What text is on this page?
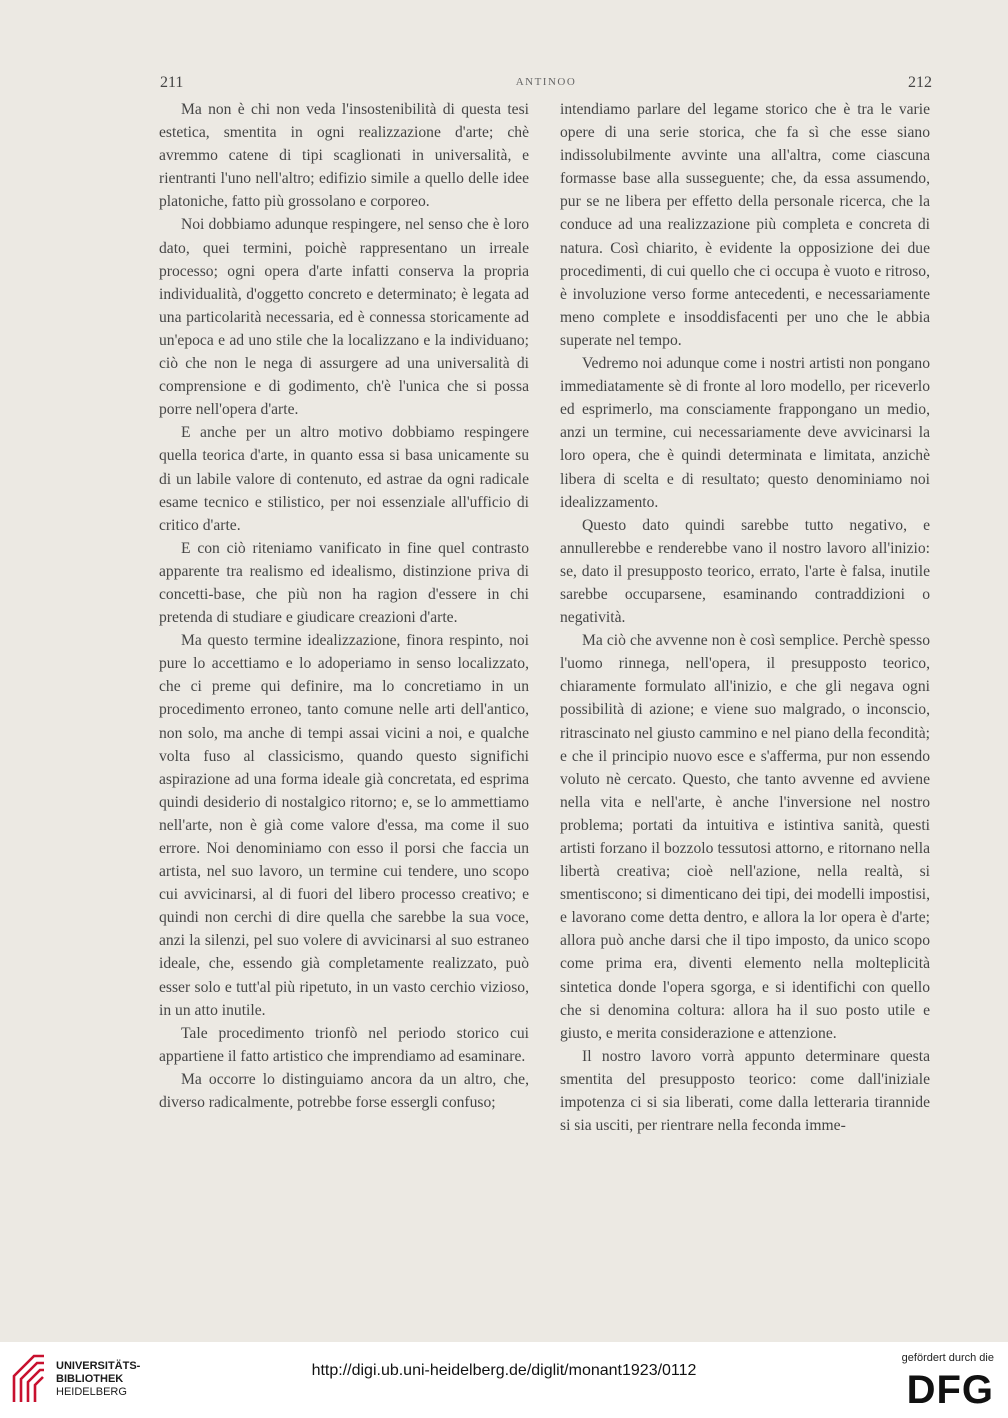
211	ANTINOO	212

Ma non è chi non veda l'insostenibilità di questa tesi estetica, smentita in ogni realizzazione d'arte; chè avremmo catene di tipi scaglionati in universalità, e rientranti l'uno nell'altro; edifizio simile a quello delle idee platoniche, fatto più grossolano e corporeo.

Noi dobbiamo adunque respingere, nel senso che è loro dato, quei termini, poichè rappresentano un irreale processo; ogni opera d'arte infatti conserva la propria individualità, d'oggetto concreto e determinato; è legata ad una particolarità necessaria, ed è connessa storicamente ad un'epoca e ad uno stile che la localizzano e la individuano; ciò che non le nega di assurgere ad una universalità di comprensione e di godimento, ch'è l'unica che si possa porre nell'opera d'arte.

E anche per un altro motivo dobbiamo respingere quella teorica d'arte, in quanto essa si basa unicamente su di un labile valore di contenuto, ed astrae da ogni radicale esame tecnico e stilistico, per noi essenziale all'ufficio di critico d'arte.

E con ciò riteniamo vanificato in fine quel contrasto apparente tra realismo ed idealismo, distinzione priva di concetti-base, che più non ha ragion d'essere in chi pretenda di studiare e giudicare creazioni d'arte.

Ma questo termine idealizzazione, finora respinto, noi pure lo accettiamo e lo adoperiamo in senso localizzato, che ci preme qui definire, ma lo concretiamo in un procedimento erroneo, tanto comune nelle arti dell'antico, non solo, ma anche di tempi assai vicini a noi, e qualche volta fuso al classicismo, quando questo significhi aspirazione ad una forma ideale già concretata, ed esprima quindi desiderio di nostalgico ritorno; e, se lo ammettiamo nell'arte, non è già come valore d'essa, ma come il suo errore. Noi denominiamo con esso il porsi che faccia un artista, nel suo lavoro, un termine cui tendere, uno scopo cui avvicinarsi, al di fuori del libero processo creativo; e quindi non cerchi di dire quella che sarebbe la sua voce, anzi la silenzi, pel suo volere di avvicinarsi al suo estraneo ideale, che, essendo già completamente realizzato, può esser solo e tutt'al più ripetuto, in un vasto cerchio vizioso, in un atto inutile.

Tale procedimento trionfò nel periodo storico cui appartiene il fatto artistico che imprendiamo ad esaminare.

Ma occorre lo distinguiamo ancora da un altro, che, diverso radicalmente, potrebbe forse essergli confuso;

intendiamo parlare del legame storico che è tra le varie opere di una serie storica, che fa sì che esse siano indissolubilmente avvinte una all'altra, come ciascuna formasse base alla susseguente; che, da essa assumendo, pur se ne libera per effetto della personale ricerca, che la conduce ad una realizzazione più completa e concreta di natura. Così chiarito, è evidente la opposizione dei due procedimenti, di cui quello che ci occupa è vuoto e ritroso, è involuzione verso forme antecedenti, e necessariamente meno complete e insoddisfacenti per uno che le abbia superate nel tempo.

Vedremo noi adunque come i nostri artisti non pongano immediatamente sè di fronte al loro modello, per riceverlo ed esprimerlo, ma consciamente frappongano un medio, anzi un termine, cui necessariamente deve avvicinarsi la loro opera, che è quindi determinata e limitata, anzichè libera di scelta e di resultato; questo denominiamo noi idealizzamento.

Questo dato quindi sarebbe tutto negativo, e annullerebbe e renderebbe vano il nostro lavoro all'inizio: se, dato il presupposto teorico, errato, l'arte è falsa, inutile sarebbe occuparsene, esaminando contraddizioni o negatività.

Ma ciò che avvenne non è così semplice. Perchè spesso l'uomo rinnega, nell'opera, il presupposto teorico, chiaramente formulato all'inizio, e che gli negava ogni possibilità di azione; e viene suo malgrado, o inconscio, ritrascinato nel giusto cammino e nel piano della fecondità; e che il principio nuovo esce e s'afferma, pur non essendo voluto nè cercato. Questo, che tanto avvenne ed avviene nella vita e nell'arte, è anche l'inversione nel nostro problema; portati da intuitiva e istintiva sanità, questi artisti forzano il bozzolo tessutosi attorno, e ritornano nella libertà creativa; cioè nell'azione, nella realtà, si smentiscono; si dimenticano dei tipi, dei modelli impostisi, e lavorano come detta dentro, e allora la lor opera è d'arte; allora può anche darsi che il tipo imposto, da unico scopo come prima era, diventi elemento nella molteplicità sintetica donde l'opera sgorga, e si identifichi con quello che si denomina coltura: allora ha il suo posto utile e giusto, e merita considerazione e attenzione.

Il nostro lavoro vorrà appunto determinare questa smentita del presupposto teorico: come dall'iniziale impotenza ci si sia liberati, come dalla letteraria tirannide si sia usciti, per rientrare nella feconda imme-

UNIVERSITÄTS-
BIBLIOTHEK
HEIDELBERG
http://digi.ub.uni-heidelberg.de/diglit/monant1923/0112
gefördert durch die
DFG
